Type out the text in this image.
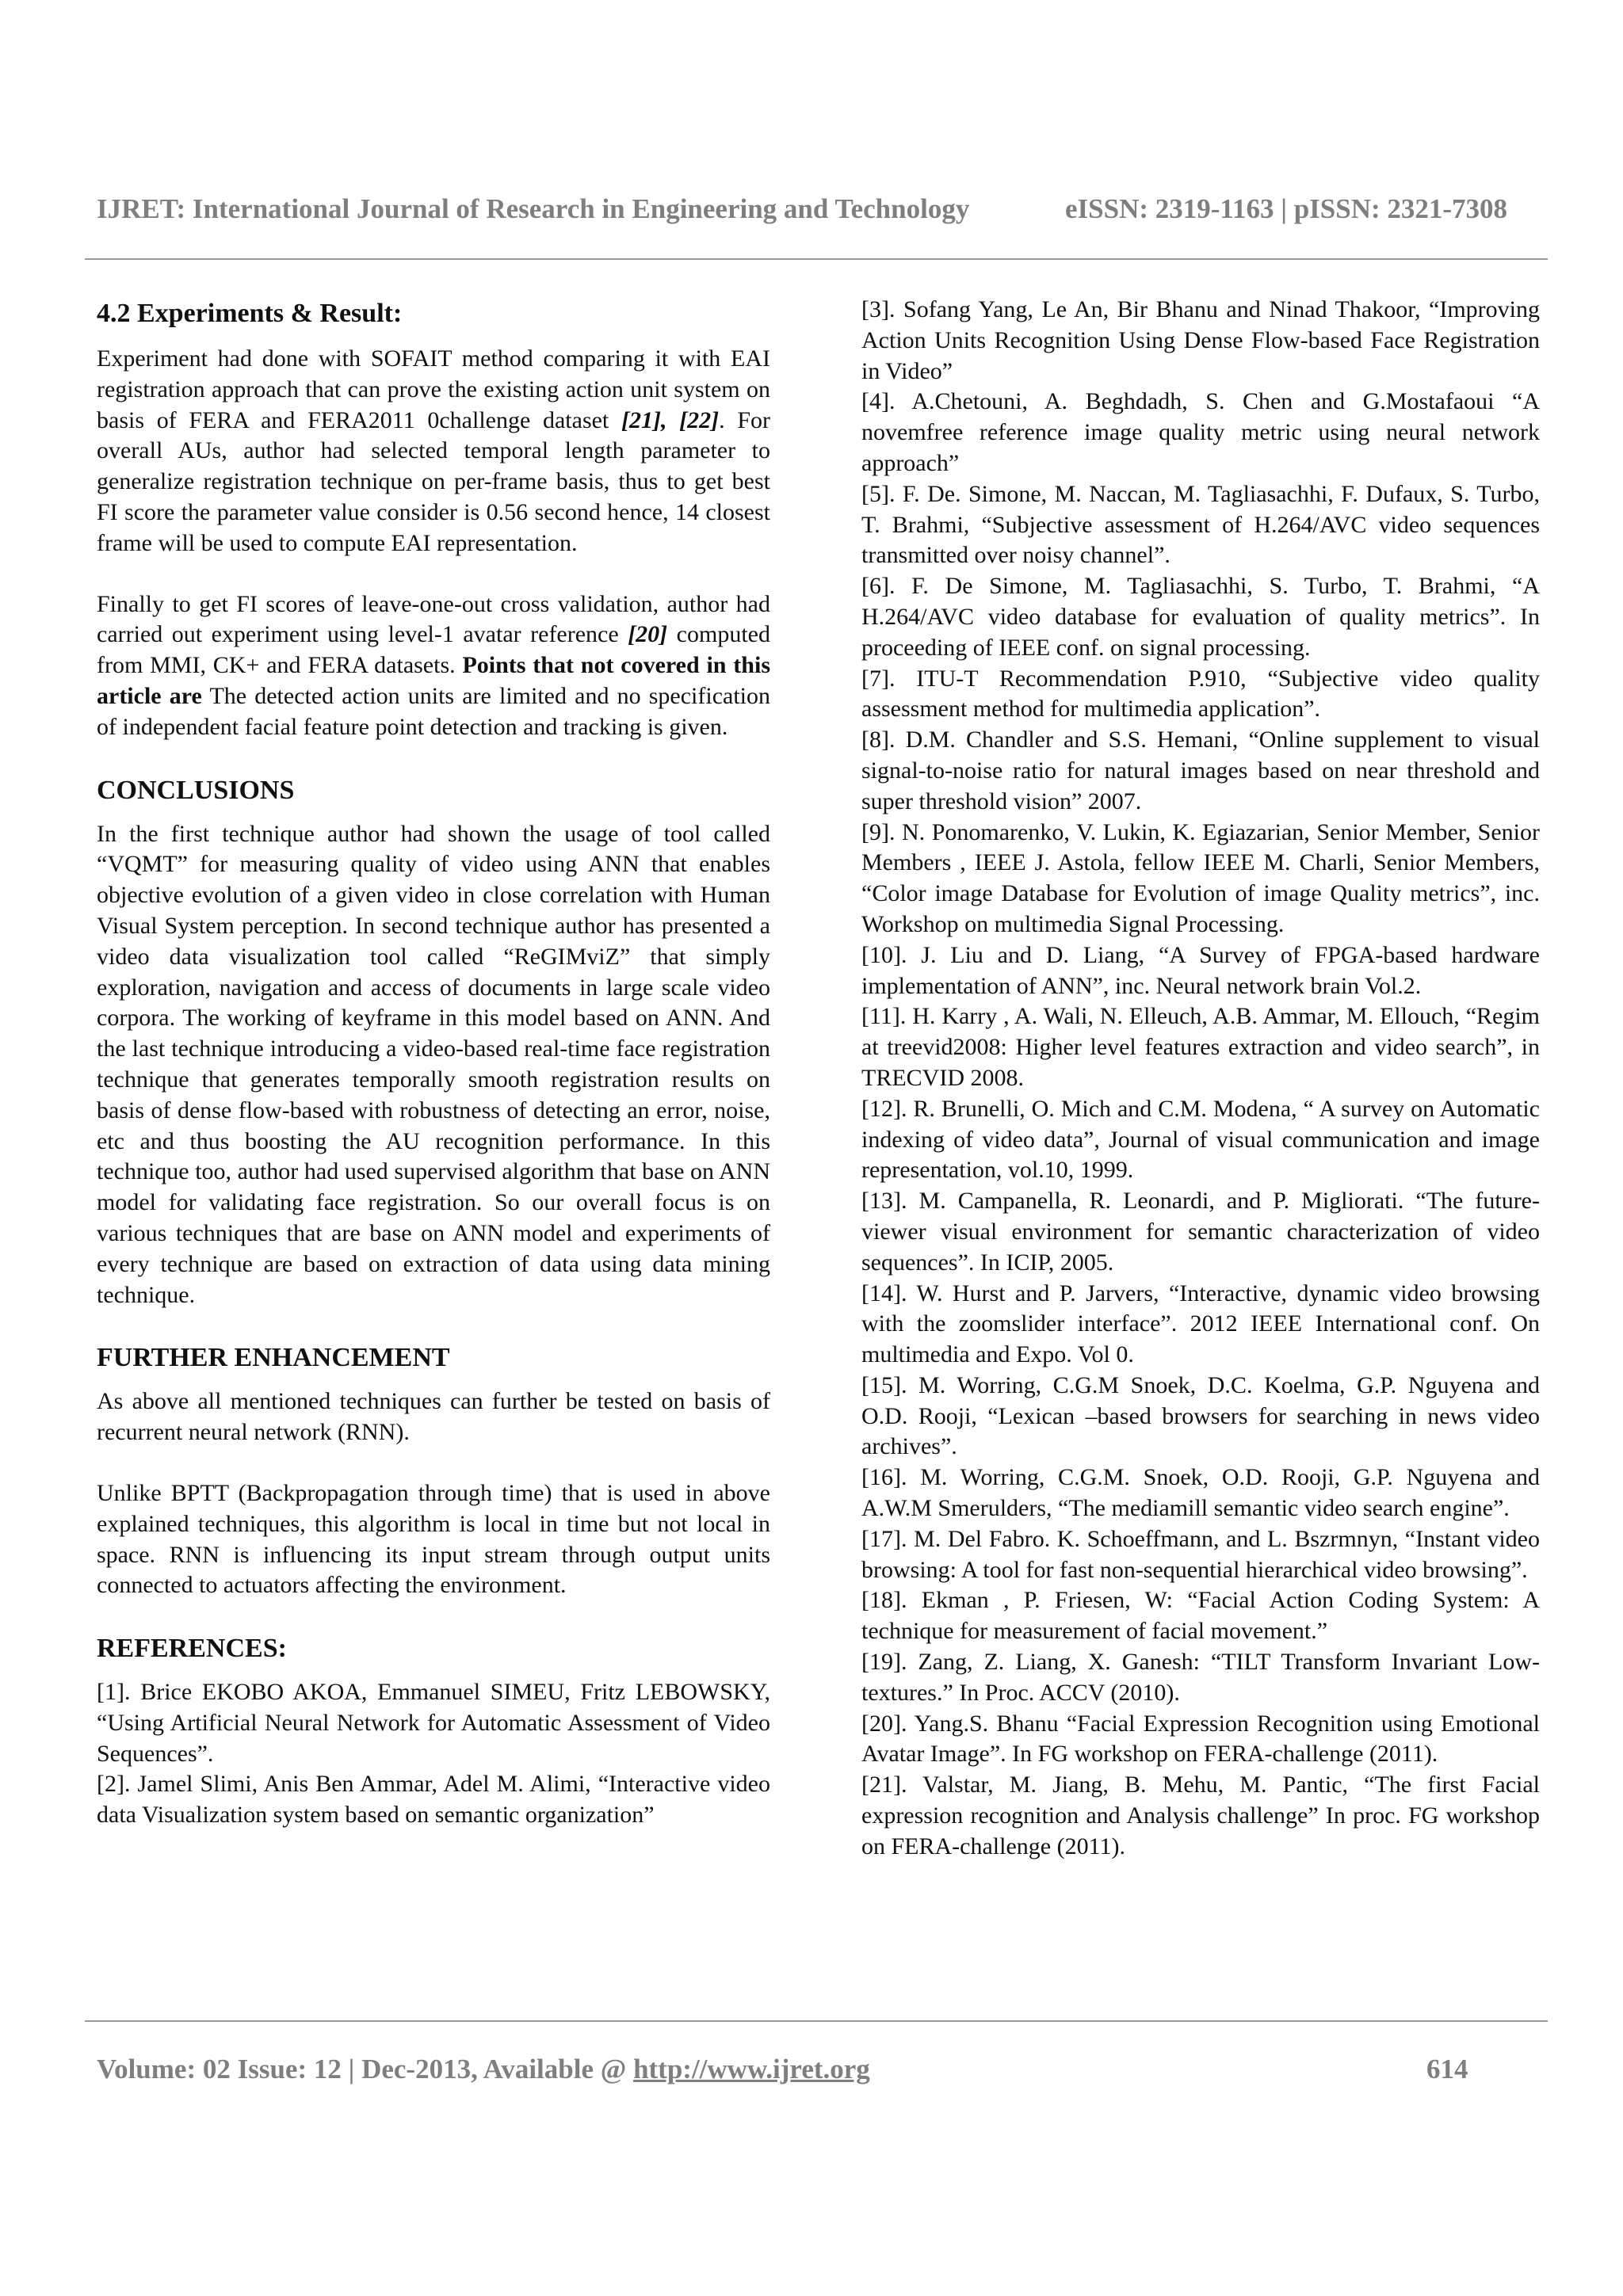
IJRET: International Journal of Research in Engineering and Technology	eISSN: 2319-1163 | pISSN: 2321-7308
4.2 Experiments & Result:

Experiment had done with SOFAIT method comparing it with EAI registration approach that can prove the existing action unit system on basis of FERA and FERA2011 0challenge dataset [21], [22]. For overall AUs, author had selected temporal length parameter to generalize registration technique on per-frame basis, thus to get best FI score the parameter value consider is 0.56 second hence, 14 closest frame will be used to compute EAI representation.

Finally to get FI scores of leave-one-out cross validation, author had carried out experiment using level-1 avatar reference [20] computed from MMI, CK+ and FERA datasets. Points that not covered in this article are The detected action units are limited and no specification of independent facial feature point detection and tracking is given.

CONCLUSIONS

In the first technique author had shown the usage of tool called “VQMT” for measuring quality of video using ANN that enables objective evolution of a given video in close correlation with Human Visual System perception. In second technique author has presented a video data visualization tool called “ReGIMviZ” that simply exploration, navigation and access of documents in large scale video corpora. The working of keyframe in this model based on ANN. And the last technique introducing a video-based real-time face registration technique that generates temporally smooth registration results on basis of dense flow-based with robustness of detecting an error, noise, etc and thus boosting the AU recognition performance. In this technique too, author had used supervised algorithm that base on ANN model for validating face registration. So our overall focus is on various techniques that are base on ANN model and experiments of every technique are based on extraction of data using data mining technique.

FURTHER ENHANCEMENT

As above all mentioned techniques can further be tested on basis of recurrent neural network (RNN).

Unlike BPTT (Backpropagation through time) that is used in above explained techniques, this algorithm is local in time but not local in space. RNN is influencing its input stream through output units connected to actuators affecting the environment.

REFERENCES:

[1]. Brice EKOBO AKOA, Emmanuel SIMEU, Fritz LEBOWSKY, “Using Artificial Neural Network for Automatic Assessment of Video Sequences”.

[2]. Jamel Slimi, Anis Ben Ammar, Adel M. Alimi, “Interactive video data Visualization system based on semantic organization”

[3]. Sofang Yang, Le An, Bir Bhanu and Ninad Thakoor, “Improving Action Units Recognition Using Dense Flow-based Face Registration in Video”

[4]. A.Chetouni, A. Beghdadh, S. Chen and G.Mostafaoui “A novemfree reference image quality metric using neural network approach”

[5]. F. De. Simone, M. Naccan, M. Tagliasachhi, F. Dufaux, S. Turbo, T. Brahmi, “Subjective assessment of H.264/AVC video sequences transmitted over noisy channel”.

[6]. F. De Simone, M. Tagliasachhi, S. Turbo, T. Brahmi, “A H.264/AVC video database for evaluation of quality metrics”. In proceeding of IEEE conf. on signal processing.

[7]. ITU-T Recommendation P.910, “Subjective video quality assessment method for multimedia application”.

[8]. D.M. Chandler and S.S. Hemani, “Online supplement to visual signal-to-noise ratio for natural images based on near threshold and super threshold vision” 2007.

[9]. N. Ponomarenko, V. Lukin, K. Egiazarian, Senior Member, Senior Members , IEEE J. Astola, fellow IEEE M. Charli, Senior Members, “Color image Database for Evolution of image Quality metrics”, inc. Workshop on multimedia Signal Processing.

[10]. J. Liu and D. Liang, “A Survey of FPGA-based hardware implementation of ANN”, inc. Neural network brain Vol.2.

[11]. H. Karry , A. Wali, N. Elleuch, A.B. Ammar, M. Ellouch, “Regim at treevid2008: Higher level features extraction and video search”, in TRECVID 2008.

[12]. R. Brunelli, O. Mich and C.M. Modena, “ A survey on Automatic indexing of video data”, Journal of visual communication and image representation, vol.10, 1999.

[13]. M. Campanella, R. Leonardi, and P. Migliorati. “The future-viewer visual environment for semantic characterization of video sequences”. In ICIP, 2005.

[14]. W. Hurst and P. Jarvers, “Interactive, dynamic video browsing with the zoomslider interface”. 2012 IEEE International conf. On multimedia and Expo. Vol 0.

[15]. M. Worring, C.G.M Snoek, D.C. Koelma, G.P. Nguyena and O.D. Rooji, “Lexican –based browsers for searching in news video archives”.

[16]. M. Worring, C.G.M. Snoek, O.D. Rooji, G.P. Nguyena and A.W.M Smerulders, “The mediamill semantic video search engine”.

[17]. M. Del Fabro. K. Schoeffmann, and L. Bszrmnyn, “Instant video browsing: A tool for fast non-sequential hierarchical video browsing”.

[18]. Ekman , P. Friesen, W: “Facial Action Coding System: A technique for measurement of facial movement.”

[19]. Zang, Z. Liang, X. Ganesh: “TILT Transform Invariant Low-textures.” In Proc. ACCV (2010).

[20]. Yang.S. Bhanu “Facial Expression Recognition using Emotional Avatar Image”. In FG workshop on FERA-challenge (2011).

[21]. Valstar, M. Jiang, B. Mehu, M. Pantic, “The first Facial expression recognition and Analysis challenge” In proc. FG workshop on FERA-challenge (2011).

Volume: 02 Issue: 12 | Dec-2013, Available @ http://www.ijret.org	614
